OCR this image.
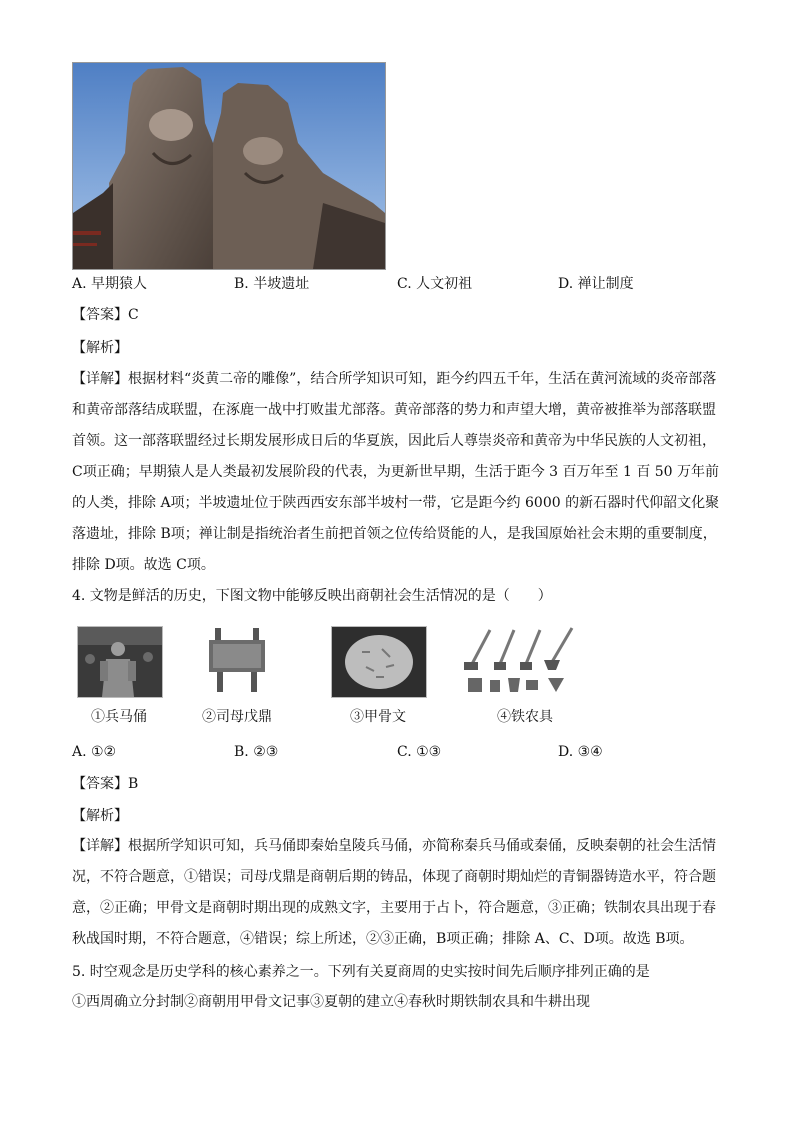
A. 早期猿人	B. 半坡遗址	C. 人文初祖	D. 禅让制度
【答案】C
【解析】
【详解】根据材料“炎黄二帝的雕像”，结合所学知识可知，距今约四五千年，生活在黄河流域的炎帝部落
和黄帝部落结成联盟，在涿鹿一战中打败蚩尤部落。黄帝部落的势力和声望大增，黄帝被推举为部落联盟
首领。这一部落联盟经过长期发展形成日后的华夏族，因此后人尊崇炎帝和黄帝为中华民族的人文初祖，
C项正确；早期猿人是人类最初发展阶段的代表，为更新世早期，生活于距今 3 百万年至 1 百 50 万年前
的人类，排除 A项；半坡遗址位于陕西西安东部半坡村一带，它是距今约 6000 的新石器时代仰韶文化聚
落遗址，排除 B项；禅让制是指统治者生前把首领之位传给贤能的人，是我国原始社会末期的重要制度，
排除 D项。故选 C项。
4. 文物是鲜活的历史，下图文物中能够反映出商朝社会生活情况的是（　　）
①兵马俑	②司母戊鼎	③甲骨文	④铁农具
A. ①②	B. ②③	C. ①③	D. ③④
【答案】B
【解析】
【详解】根据所学知识可知，兵马俑即秦始皇陵兵马俑，亦简称秦兵马俑或秦俑，反映秦朝的社会生活情
况，不符合题意，①错误；司母戊鼎是商朝后期的铸品，体现了商朝时期灿烂的青铜器铸造水平，符合题
意，②正确；甲骨文是商朝时期出现的成熟文字，主要用于占卜，符合题意，③正确；铁制农具出现于春
秋战国时期，不符合题意，④错误；综上所述，②③正确，B项正确；排除 A、C、D项。故选 B项。
5. 时空观念是历史学科的核心素养之一。下列有关夏商周的史实按时间先后顺序排列正确的是
①西周确立分封制②商朝用甲骨文记事③夏朝的建立④春秋时期铁制农具和牛耕出现
